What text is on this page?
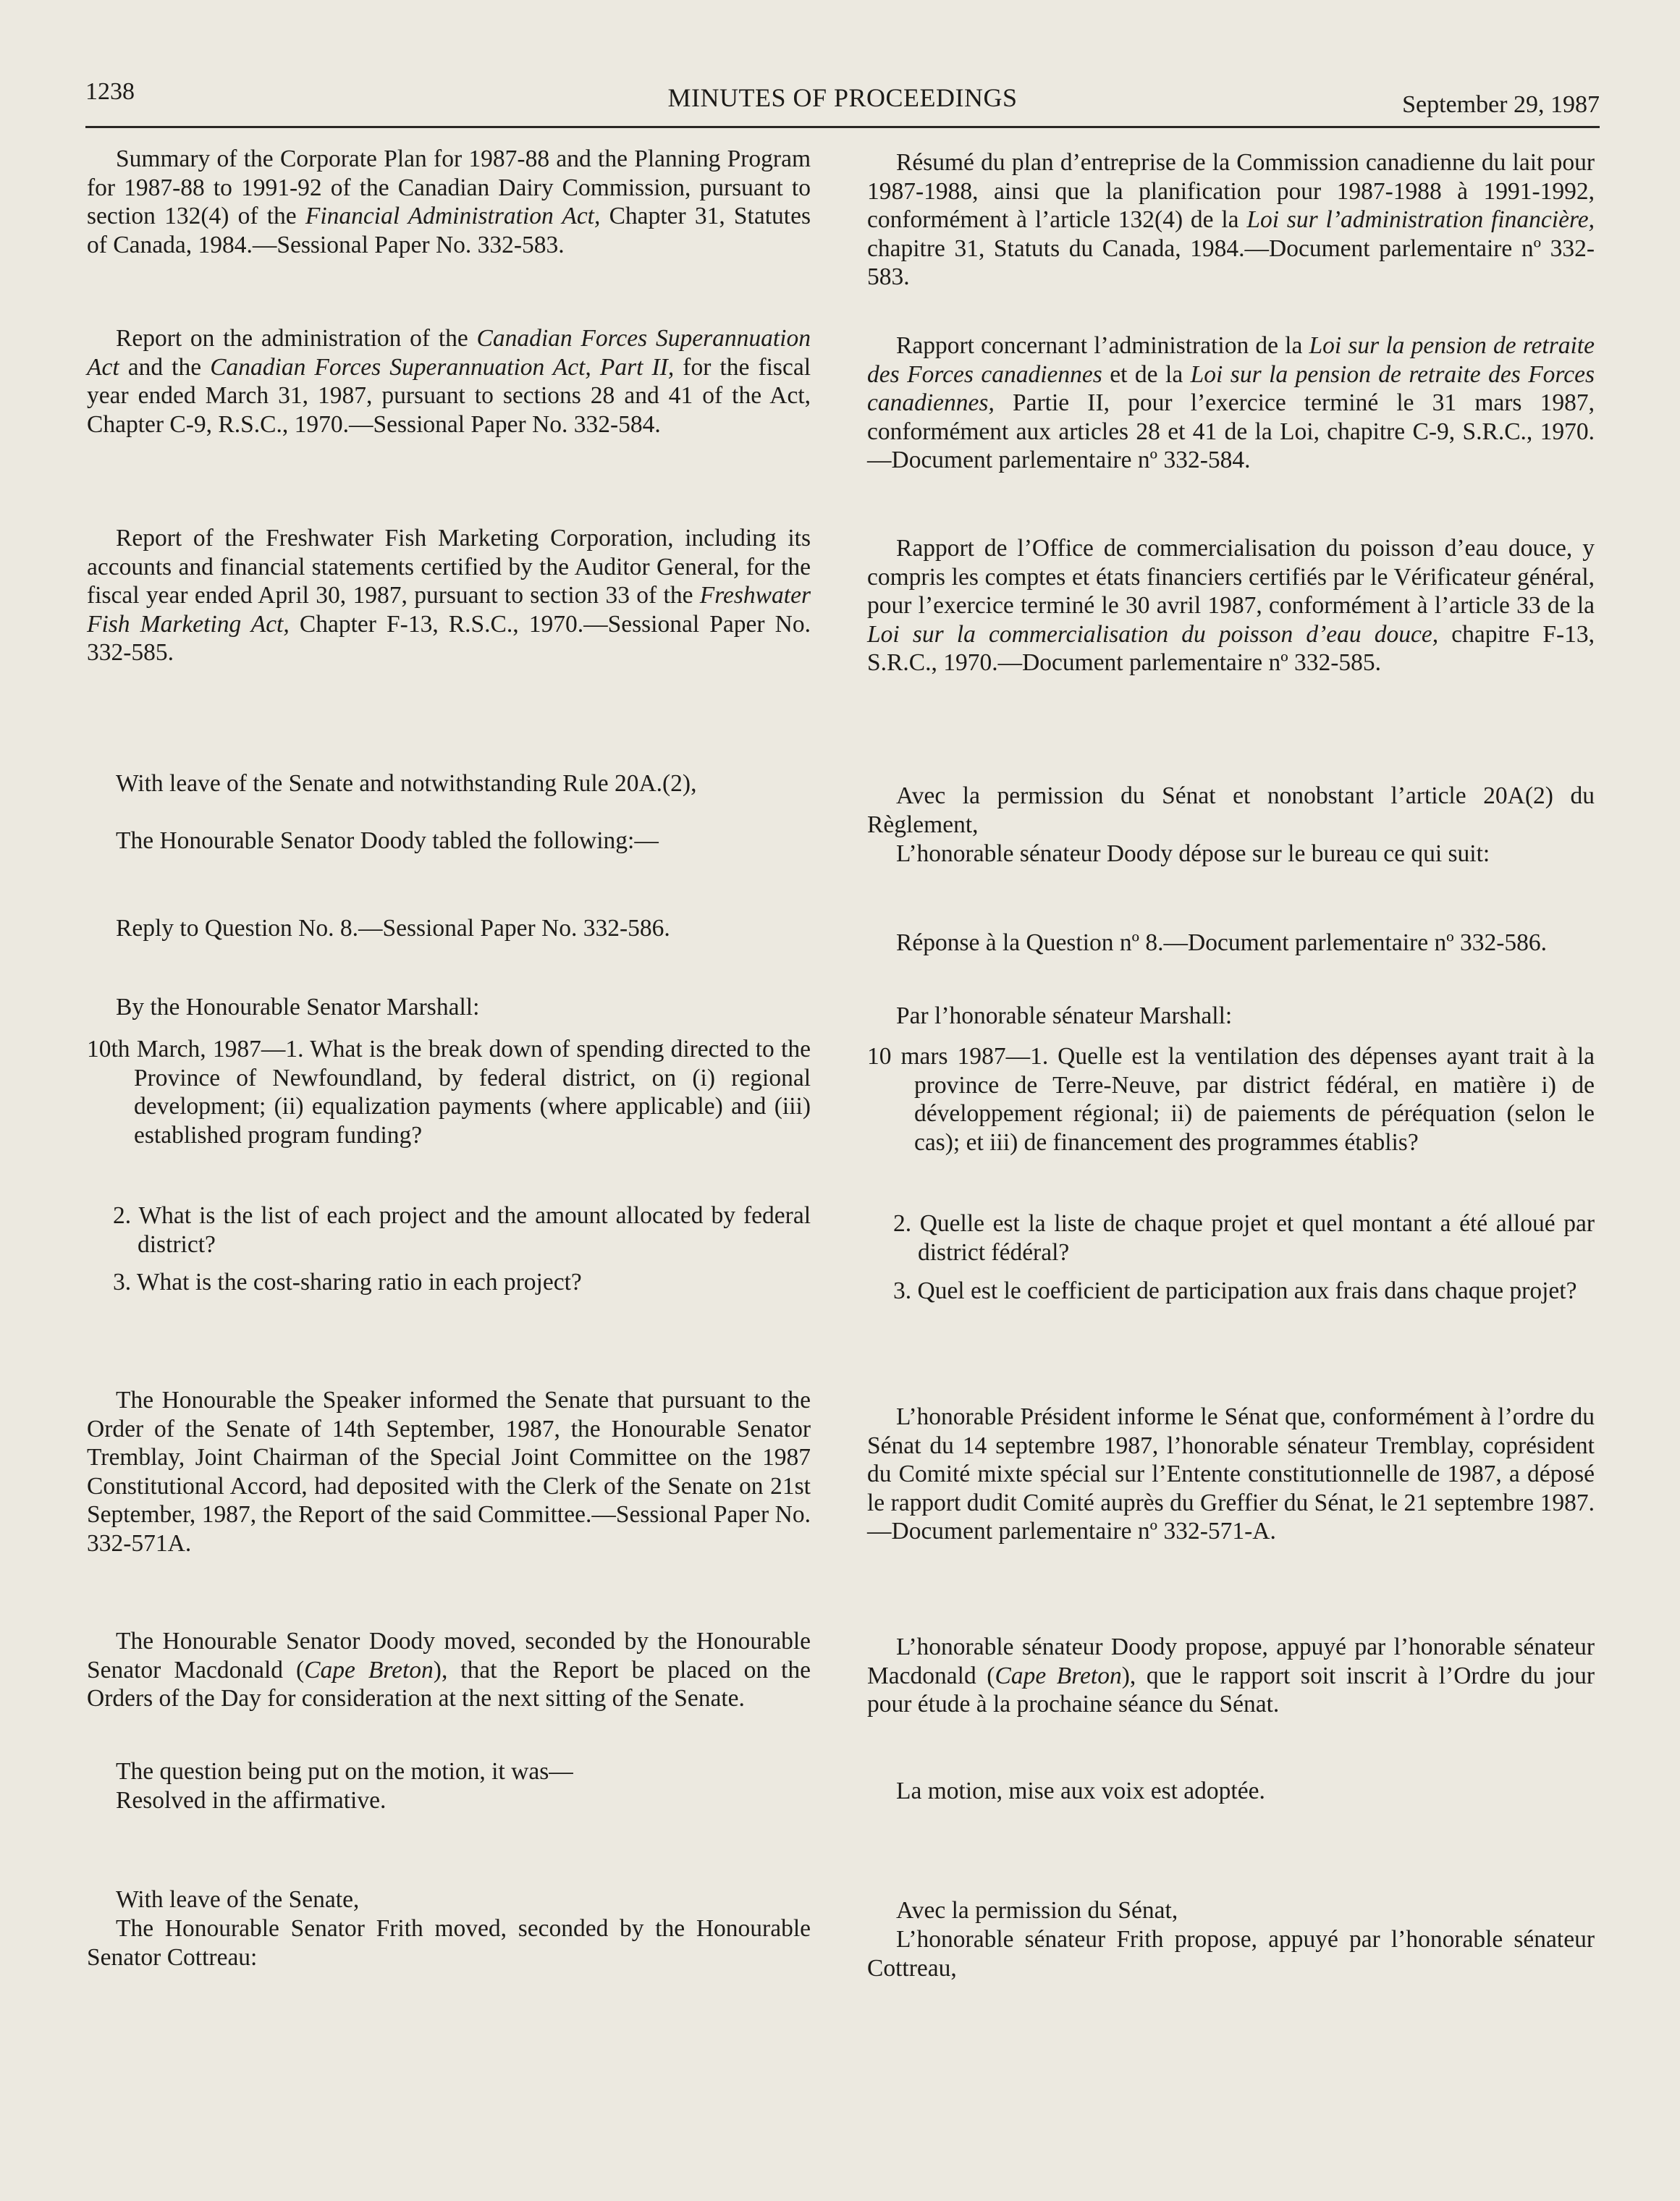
1238	MINUTES OF PROCEEDINGS	September 29, 1987

Summary of the Corporate Plan for 1987-88 and the Planning Program for 1987-88 to 1991-92 of the Canadian Dairy Commission, pursuant to section 132(4) of the Financial Administration Act, Chapter 31, Statutes of Canada, 1984.—Sessional Paper No. 332-583.

Report on the administration of the Canadian Forces Superannuation Act and the Canadian Forces Superannuation Act, Part II, for the fiscal year ended March 31, 1987, pursuant to sections 28 and 41 of the Act, Chapter C-9, R.S.C., 1970.—Sessional Paper No. 332-584.

Report of the Freshwater Fish Marketing Corporation, including its accounts and financial statements certified by the Auditor General, for the fiscal year ended April 30, 1987, pursuant to section 33 of the Freshwater Fish Marketing Act, Chapter F-13, R.S.C., 1970.—Sessional Paper No. 332-585.

With leave of the Senate and notwithstanding Rule 20A.(2),

The Honourable Senator Doody tabled the following:—

Reply to Question No. 8.—Sessional Paper No. 332-586.

By the Honourable Senator Marshall:

10th March, 1987—1. What is the break down of spending directed to the Province of Newfoundland, by federal district, on (i) regional development; (ii) equalization payments (where applicable) and (iii) established program funding?

2. What is the list of each project and the amount allocated by federal district?

3. What is the cost-sharing ratio in each project?

The Honourable the Speaker informed the Senate that pursuant to the Order of the Senate of 14th September, 1987, the Honourable Senator Tremblay, Joint Chairman of the Special Joint Committee on the 1987 Constitutional Accord, had deposited with the Clerk of the Senate on 21st September, 1987, the Report of the said Committee.—Sessional Paper No. 332-571A.

The Honourable Senator Doody moved, seconded by the Honourable Senator Macdonald (Cape Breton), that the Report be placed on the Orders of the Day for consideration at the next sitting of the Senate.

The question being put on the motion, it was—

Resolved in the affirmative.

With leave of the Senate,

The Honourable Senator Frith moved, seconded by the Honourable Senator Cottreau:

Résumé du plan d’entreprise de la Commission canadienne du lait pour 1987-1988, ainsi que la planification pour 1987-1988 à 1991-1992, conformément à l’article 132(4) de la Loi sur l’administration financière, chapitre 31, Statuts du Canada, 1984.—Document parlementaire nº 332-583.

Rapport concernant l’administration de la Loi sur la pension de retraite des Forces canadiennes et de la Loi sur la pension de retraite des Forces canadiennes, Partie II, pour l’exercice terminé le 31 mars 1987, conformément aux articles 28 et 41 de la Loi, chapitre C-9, S.R.C., 1970.—Document parlementaire nº 332-584.

Rapport de l’Office de commercialisation du poisson d’eau douce, y compris les comptes et états financiers certifiés par le Vérificateur général, pour l’exercice terminé le 30 avril 1987, conformément à l’article 33 de la Loi sur la commercialisation du poisson d’eau douce, chapitre F-13, S.R.C., 1970.—Document parlementaire nº 332-585.

Avec la permission du Sénat et nonobstant l’article 20A(2) du Règlement,

L’honorable sénateur Doody dépose sur le bureau ce qui suit:

Réponse à la Question nº 8.—Document parlementaire nº 332-586.

Par l’honorable sénateur Marshall:

10 mars 1987—1. Quelle est la ventilation des dépenses ayant trait à la province de Terre-Neuve, par district fédéral, en matière i) de développement régional; ii) de paiements de péréquation (selon le cas); et iii) de financement des programmes établis?

2. Quelle est la liste de chaque projet et quel montant a été alloué par district fédéral?

3. Quel est le coefficient de participation aux frais dans chaque projet?

L’honorable Président informe le Sénat que, conformément à l’ordre du Sénat du 14 septembre 1987, l’honorable sénateur Tremblay, coprésident du Comité mixte spécial sur l’Entente constitutionnelle de 1987, a déposé le rapport dudit Comité auprès du Greffier du Sénat, le 21 septembre 1987.—Document parlementaire nº 332-571-A.

L’honorable sénateur Doody propose, appuyé par l’honorable sénateur Macdonald (Cape Breton), que le rapport soit inscrit à l’Ordre du jour pour étude à la prochaine séance du Sénat.

La motion, mise aux voix est adoptée.

Avec la permission du Sénat,

L’honorable sénateur Frith propose, appuyé par l’honorable sénateur Cottreau,
